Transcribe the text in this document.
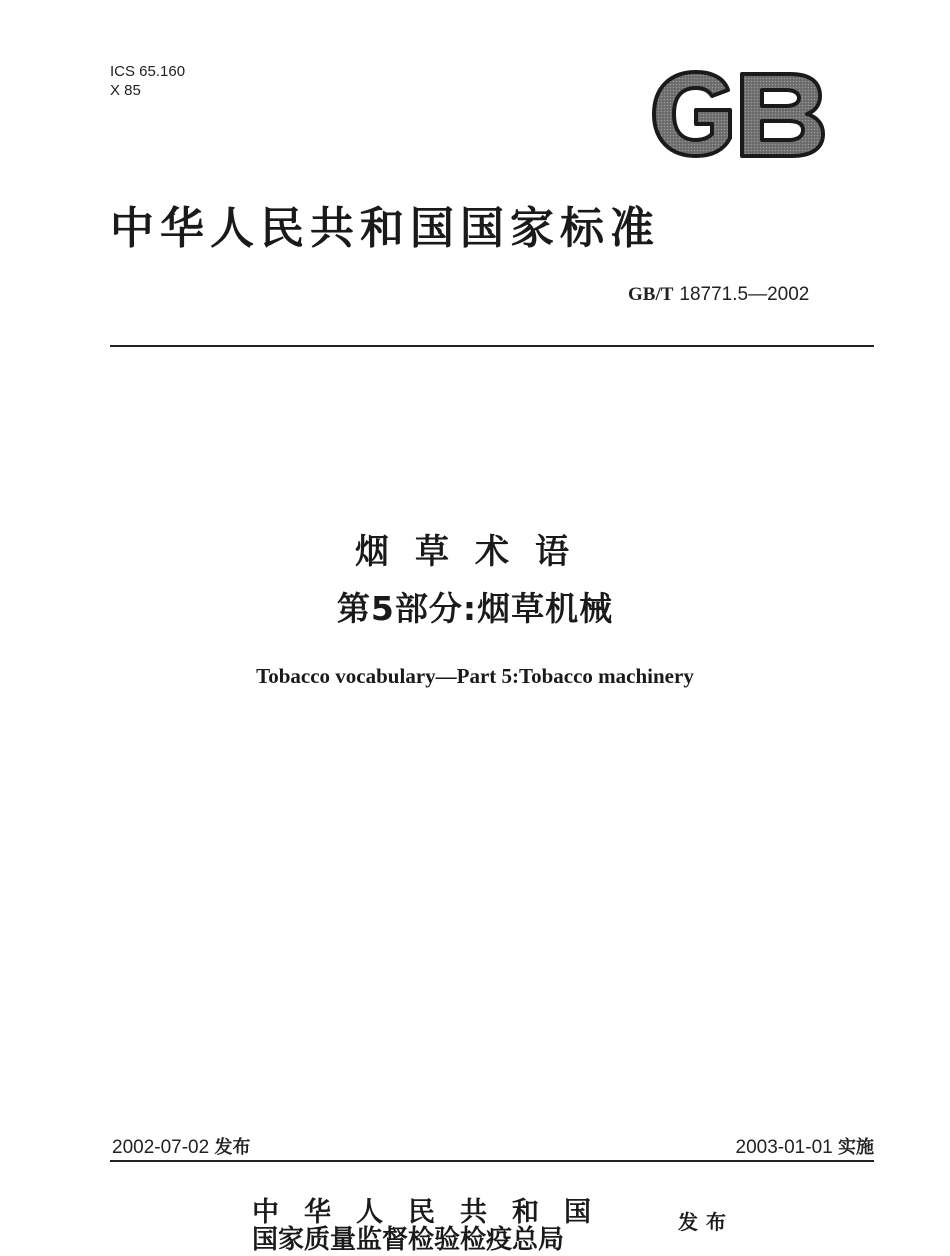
ICS 65.160
X 85
中华人民共和国国家标准
GB/T 18771.5—2002
烟草术语
第5部分:烟草机械
Tobacco vocabulary—Part 5:Tobacco machinery
2002-07-02 发布	2003-01-01 实施
中华人民共和国
国家质量监督检验检疫总局
发布
